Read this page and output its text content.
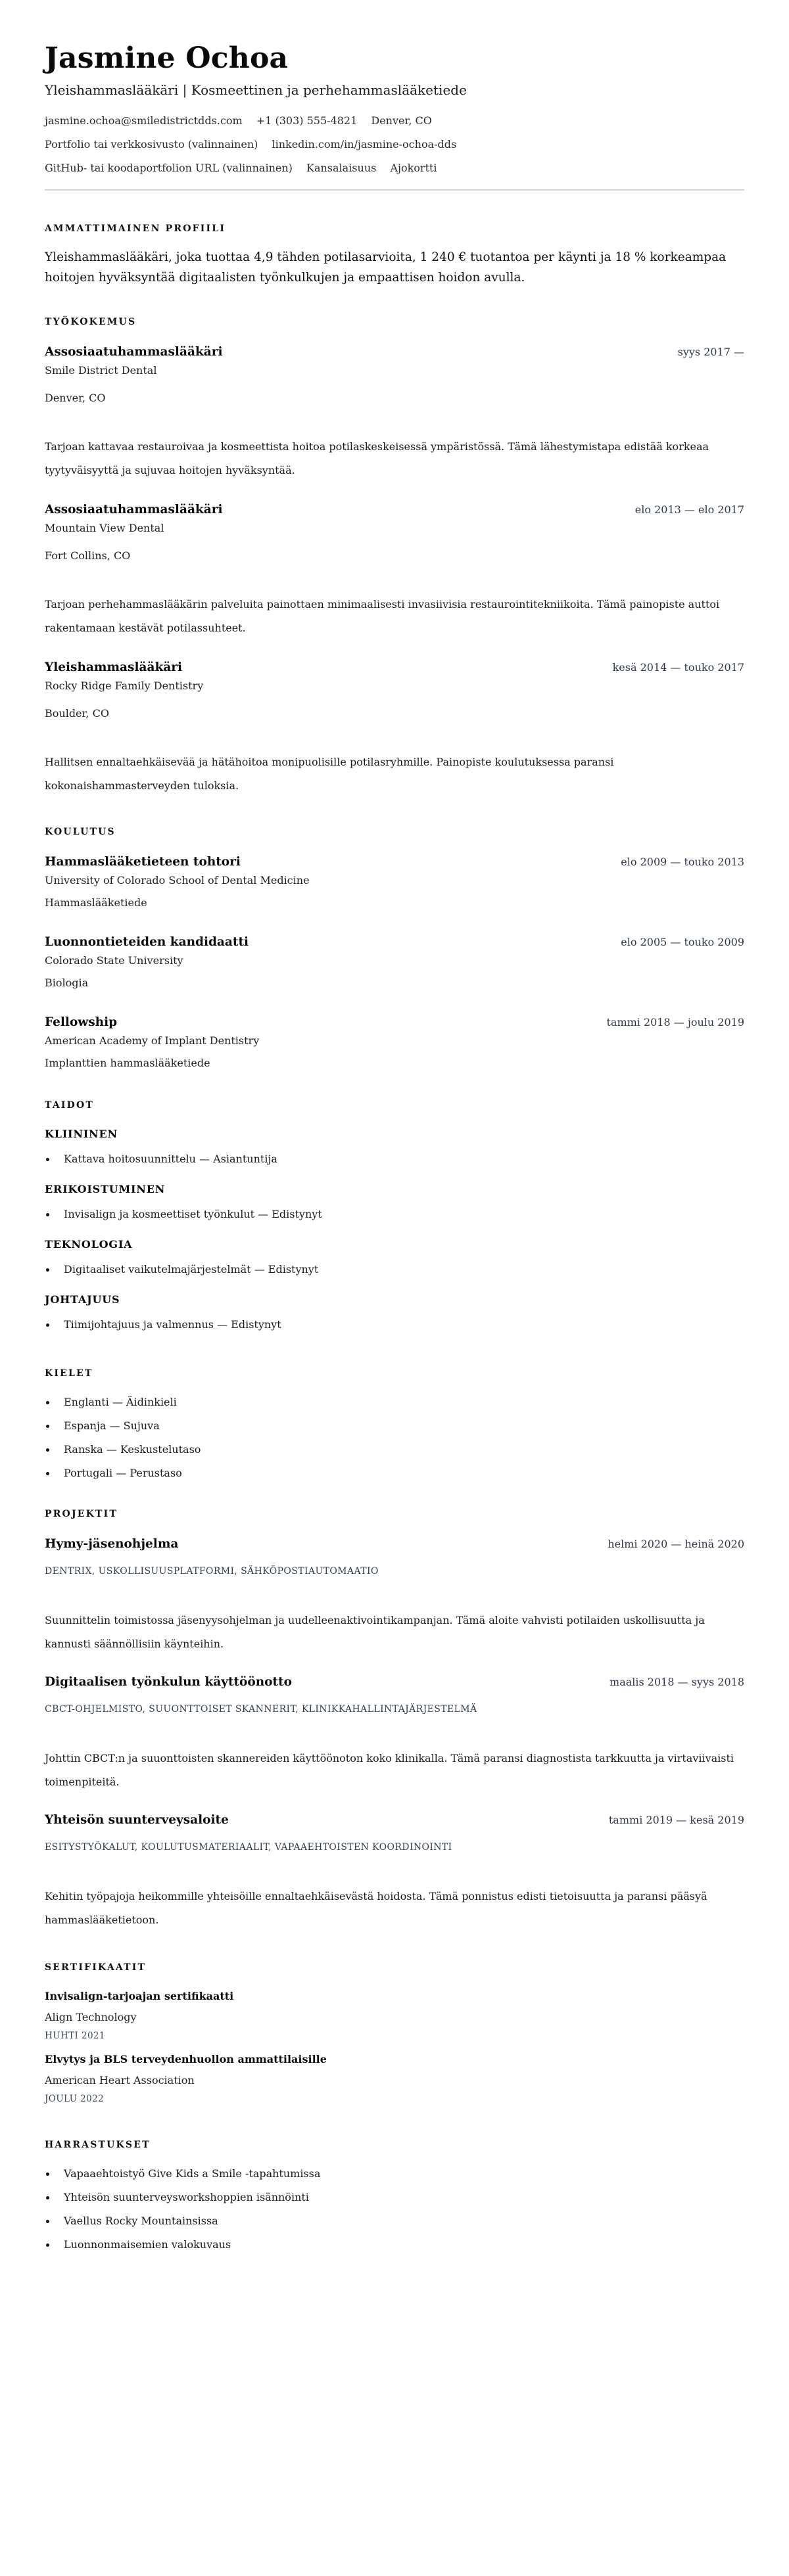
Jasmine Ochoa
Yleishammaslääkäri | Kosmeettinen ja perhehammaslääketiede
jasmine.ochoa@smiledistrictdds.com +1 (303) 555-4821 Denver, CO
Portfolio tai verkkosivusto (valinnainen) linkedin.com/in/jasmine-ochoa-dds
GitHub- tai koodaportfolion URL (valinnainen) Kansalaisuus Ajokortti
AMMATTIMAINEN PROFIILI

Yleishammaslääkäri, joka tuottaa 4,9 tähden potilasarvioita, 1 240 € tuotantoa per käynti ja 18 % korkeampaa hoitojen hyväksyntää digitaalisten työnkulkujen ja empaattisen hoidon avulla.

TYÖKOKEMUS
Assosiaatuhammaslääkäri	syys 2017 —
Smile District Dental
Denver, CO

Tarjoan kattavaa restauroivaa ja kosmeettista hoitoa potilaskeskeisessä ympäristössä. Tämä lähestymistapa edistää korkeaa tyytyväisyyttä ja sujuvaa hoitojen hyväksyntää.

Assosiaatuhammaslääkäri	elo 2013 — elo 2017
Mountain View Dental
Fort Collins, CO

Tarjoan perhehammaslääkärin palveluita painottaen minimaalisesti invasiivisia restaurointitekniikoita. Tämä painopiste auttoi rakentamaan kestävät potilassuhteet.

Yleishammaslääkäri	kesä 2014 — touko 2017
Rocky Ridge Family Dentistry
Boulder, CO

Hallitsen ennaltaehkäisevää ja hätähoitoa monipuolisille potilasryhmille. Painopiste koulutuksessa paransi kokonaishammasterveyden tuloksia.

KOULUTUS
Hammaslääketieteen tohtori	elo 2009 — touko 2013
University of Colorado School of Dental Medicine
Hammaslääketiede
Luonnontieteiden kandidaatti	elo 2005 — touko 2009
Colorado State University
Biologia
Fellowship	tammi 2018 — joulu 2019
American Academy of Implant Dentistry
Implanttien hammaslääketiede
TAIDOT
KLIININEN
Kattava hoitosuunnittelu — Asiantuntija
ERIKOISTUMINEN
Invisalign ja kosmeettiset työnkulut — Edistynyt
TEKNOLOGIA
Digitaaliset vaikutelmajärjestelmät — Edistynyt
JOHTAJUUS
Tiimijohtajuus ja valmennus — Edistynyt
KIELET
Englanti — Äidinkieli
Espanja — Sujuva
Ranska — Keskustelutaso
Portugali — Perustaso
PROJEKTIT
Hymy-jäsenohjelma	helmi 2020 — heinä 2020
DENTRIX, USKOLLISUUSPLATFORMI, SÄHKÖPOSTIAUTOMAATIO

Suunnittelin toimistossa jäsenyysohjelman ja uudelleenaktivointikampanjan. Tämä aloite vahvisti potilaiden uskollisuutta ja kannusti säännöllisiin käynteihin.

Digitaalisen työnkulun käyttöönotto	maalis 2018 — syys 2018
CBCT-OHJELMISTO, SUUONTTOISET SKANNERIT, KLINIKKAHALLINTAJÄRJESTELMÄ

Johttin CBCT:n ja suuonttoisten skannereiden käyttöönoton koko klinikalla. Tämä paransi diagnostista tarkkuutta ja virtaviivaisti toimenpiteitä.

Yhteisön suunterveysaloite	tammi 2019 — kesä 2019
ESITYSTYÖKALUT, KOULUTUSMATERIAALIT, VAPAAEHTOISTEN KOORDINOINTI

Kehitin työpajoja heikommille yhteisöille ennaltaehkäisevästä hoidosta. Tämä ponnistus edisti tietoisuutta ja paransi pääsyä hammaslääketietoon.

SERTIFIKAATIT
Invisalign-tarjoajan sertifikaatti
Align Technology
HUHTI 2021
Elvytys ja BLS terveydenhuollon ammattilaisille
American Heart Association
JOULU 2022
HARRASTUKSET
Vapaaehtoistyö Give Kids a Smile -tapahtumissa
Yhteisön suunterveysworkshoppien isännöinti
Vaellus Rocky Mountainsissa
Luonnonmaisemien valokuvaus
